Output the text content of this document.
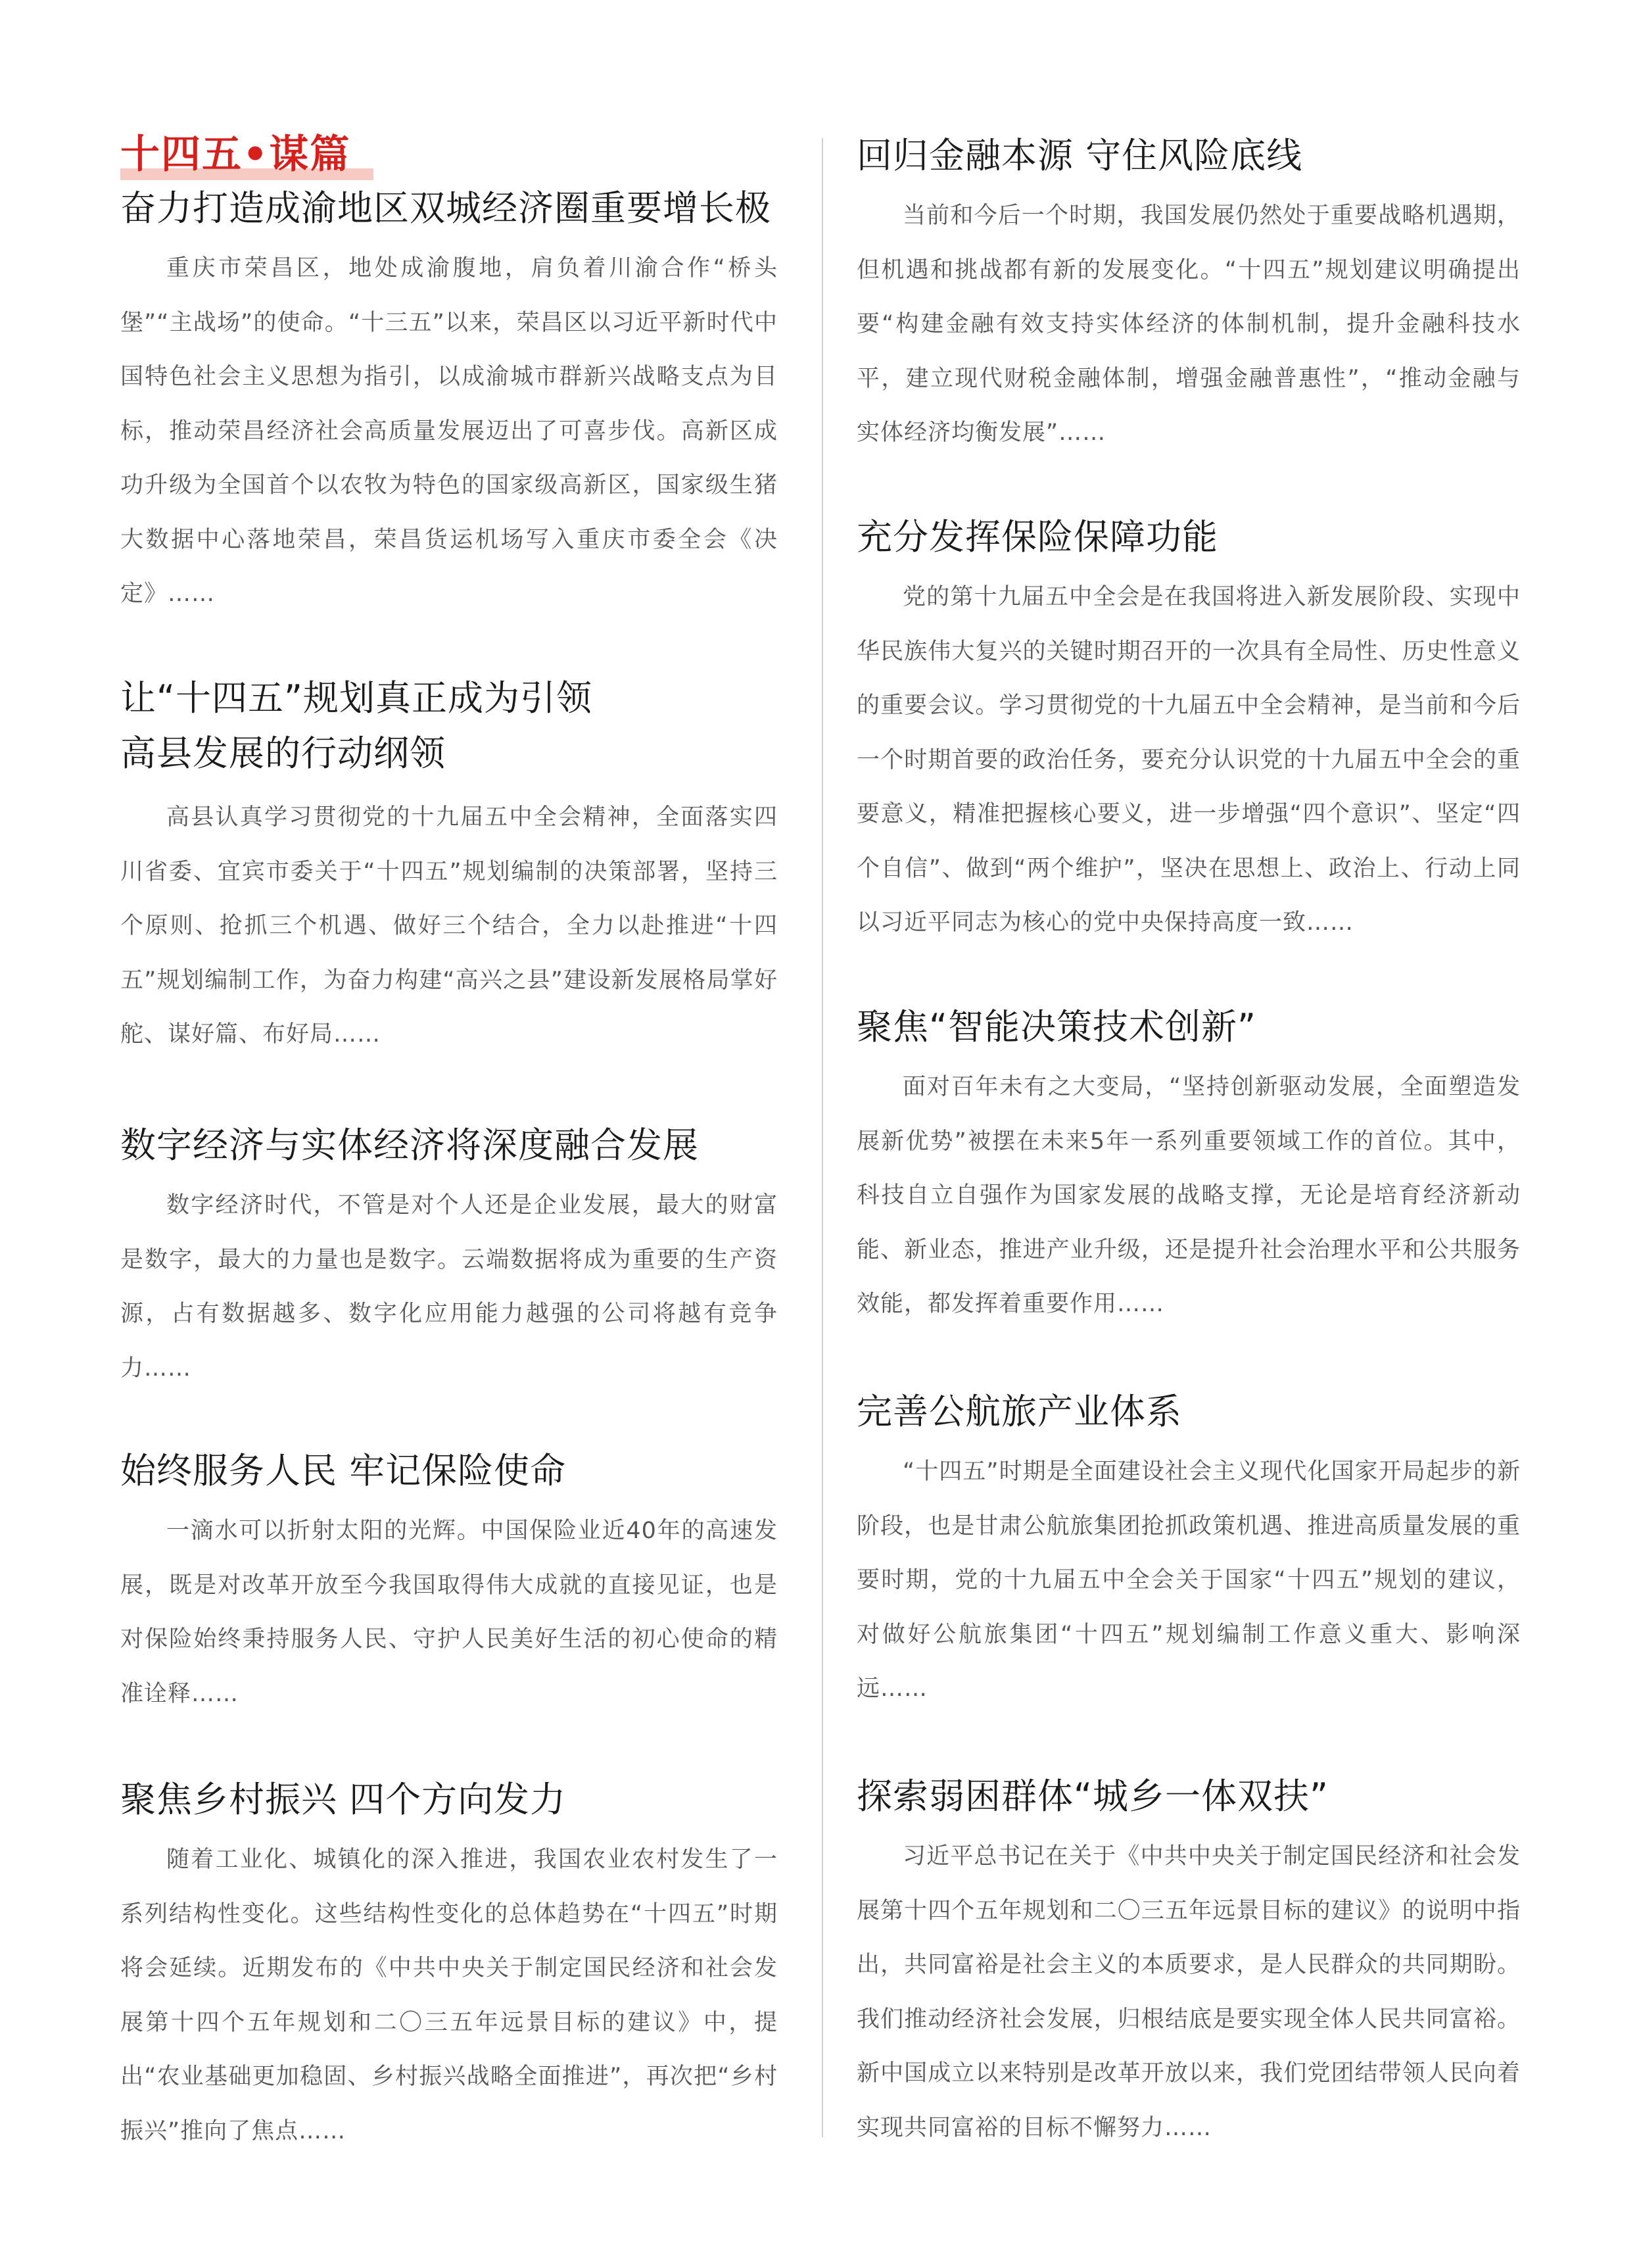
十四五•谋篇
奋力打造成渝地区双城经济圈重要增长极

重庆市荣昌区，地处成渝腹地，肩负着川渝合作“桥头堡”“主战场”的使命。“十三五”以来，荣昌区以习近平新时代中国特色社会主义思想为指引，以成渝城市群新兴战略支点为目标，推动荣昌经济社会高质量发展迈出了可喜步伐。高新区成功升级为全国首个以农牧为特色的国家级高新区，国家级生猪大数据中心落地荣昌，荣昌货运机场写入重庆市委全会《决定》……

让“十四五”规划真正成为引领高县发展的行动纲领

高县认真学习贯彻党的十九届五中全会精神，全面落实四川省委、宜宾市委关于“十四五”规划编制的决策部署，坚持三个原则、抢抓三个机遇、做好三个结合，全力以赴推进“十四五”规划编制工作，为奋力构建“高兴之县”建设新发展格局掌好舵、谋好篇、布好局……

数字经济与实体经济将深度融合发展

数字经济时代，不管是对个人还是企业发展，最大的财富是数字，最大的力量也是数字。云端数据将成为重要的生产资源，占有数据越多、数字化应用能力越强的公司将越有竞争力……

始终服务人民 牢记保险使命

一滴水可以折射太阳的光辉。中国保险业近40年的高速发展，既是对改革开放至今我国取得伟大成就的直接见证，也是对保险始终秉持服务人民、守护人民美好生活的初心使命的精准诠释……

聚焦乡村振兴 四个方向发力

随着工业化、城镇化的深入推进，我国农业农村发生了一系列结构性变化。这些结构性变化的总体趋势在“十四五”时期将会延续。近期发布的《中共中央关于制定国民经济和社会发展第十四个五年规划和二〇三五年远景目标的建议》中，提出“农业基础更加稳固、乡村振兴战略全面推进”，再次把“乡村振兴”推向了焦点……

回归金融本源 守住风险底线

当前和今后一个时期，我国发展仍然处于重要战略机遇期，但机遇和挑战都有新的发展变化。“十四五”规划建议明确提出要“构建金融有效支持实体经济的体制机制，提升金融科技水平，建立现代财税金融体制，增强金融普惠性”，“推动金融与实体经济均衡发展”……

充分发挥保险保障功能

党的第十九届五中全会是在我国将进入新发展阶段、实现中华民族伟大复兴的关键时期召开的一次具有全局性、历史性意义的重要会议。学习贯彻党的十九届五中全会精神，是当前和今后一个时期首要的政治任务，要充分认识党的十九届五中全会的重要意义，精准把握核心要义，进一步增强“四个意识”、坚定“四个自信”、做到“两个维护”，坚决在思想上、政治上、行动上同以习近平同志为核心的党中央保持高度一致……

聚焦“智能决策技术创新”

面对百年未有之大变局，“坚持创新驱动发展，全面塑造发展新优势”被摆在未来5年一系列重要领域工作的首位。其中，科技自立自强作为国家发展的战略支撑，无论是培育经济新动能、新业态，推进产业升级，还是提升社会治理水平和公共服务效能，都发挥着重要作用……

完善公航旅产业体系

“十四五”时期是全面建设社会主义现代化国家开局起步的新阶段，也是甘肃公航旅集团抢抓政策机遇、推进高质量发展的重要时期，党的十九届五中全会关于国家“十四五”规划的建议，对做好公航旅集团“十四五”规划编制工作意义重大、影响深远……

探索弱困群体“城乡一体双扶”

习近平总书记在关于《中共中央关于制定国民经济和社会发展第十四个五年规划和二〇三五年远景目标的建议》的说明中指出，共同富裕是社会主义的本质要求，是人民群众的共同期盼。我们推动经济社会发展，归根结底是要实现全体人民共同富裕。新中国成立以来特别是改革开放以来，我们党团结带领人民向着实现共同富裕的目标不懈努力……
